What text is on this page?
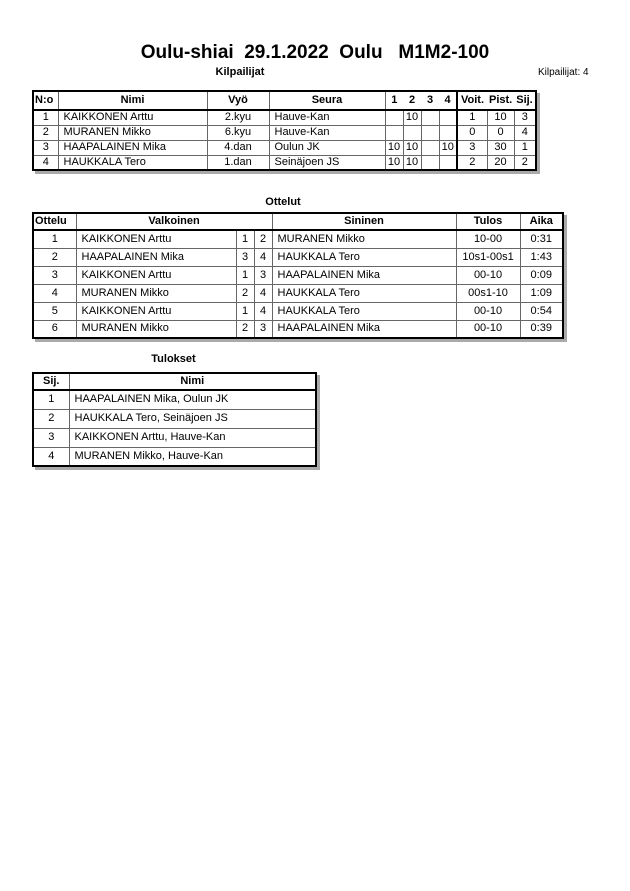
Oulu-shiai  29.1.2022  Oulu   M1M2-100
Kilpailijat	Kilpailijat: 4
N:o	Nimi	Vyö	Seura	1	2	3	4	Voit.	Pist.	Sij.
1	KAIKKONEN Arttu	2.kyu	Hauve-Kan		10			1	10	3
2	MURANEN Mikko	6.kyu	Hauve-Kan					0	0	4
3	HAAPALAINEN Mika	4.dan	Oulun JK	10	10		10	3	30	1
4	HAUKKALA Tero	1.dan	Seinäjoen JS	10	10			2	20	2
Ottelut
Ottelu	Valkoinen			Sininen	Tulos	Aika
1	KAIKKONEN Arttu	1	2	MURANEN Mikko	10-00	0:31
2	HAAPALAINEN Mika	3	4	HAUKKALA Tero	10s1-00s1	1:43
3	KAIKKONEN Arttu	1	3	HAAPALAINEN Mika	00-10	0:09
4	MURANEN Mikko	2	4	HAUKKALA Tero	00s1-10	1:09
5	KAIKKONEN Arttu	1	4	HAUKKALA Tero	00-10	0:54
6	MURANEN Mikko	2	3	HAAPALAINEN Mika	00-10	0:39
Tulokset
Sij.	Nimi
1	HAAPALAINEN Mika, Oulun JK
2	HAUKKALA Tero, Seinäjoen JS
3	KAIKKONEN Arttu, Hauve-Kan
4	MURANEN Mikko, Hauve-Kan
